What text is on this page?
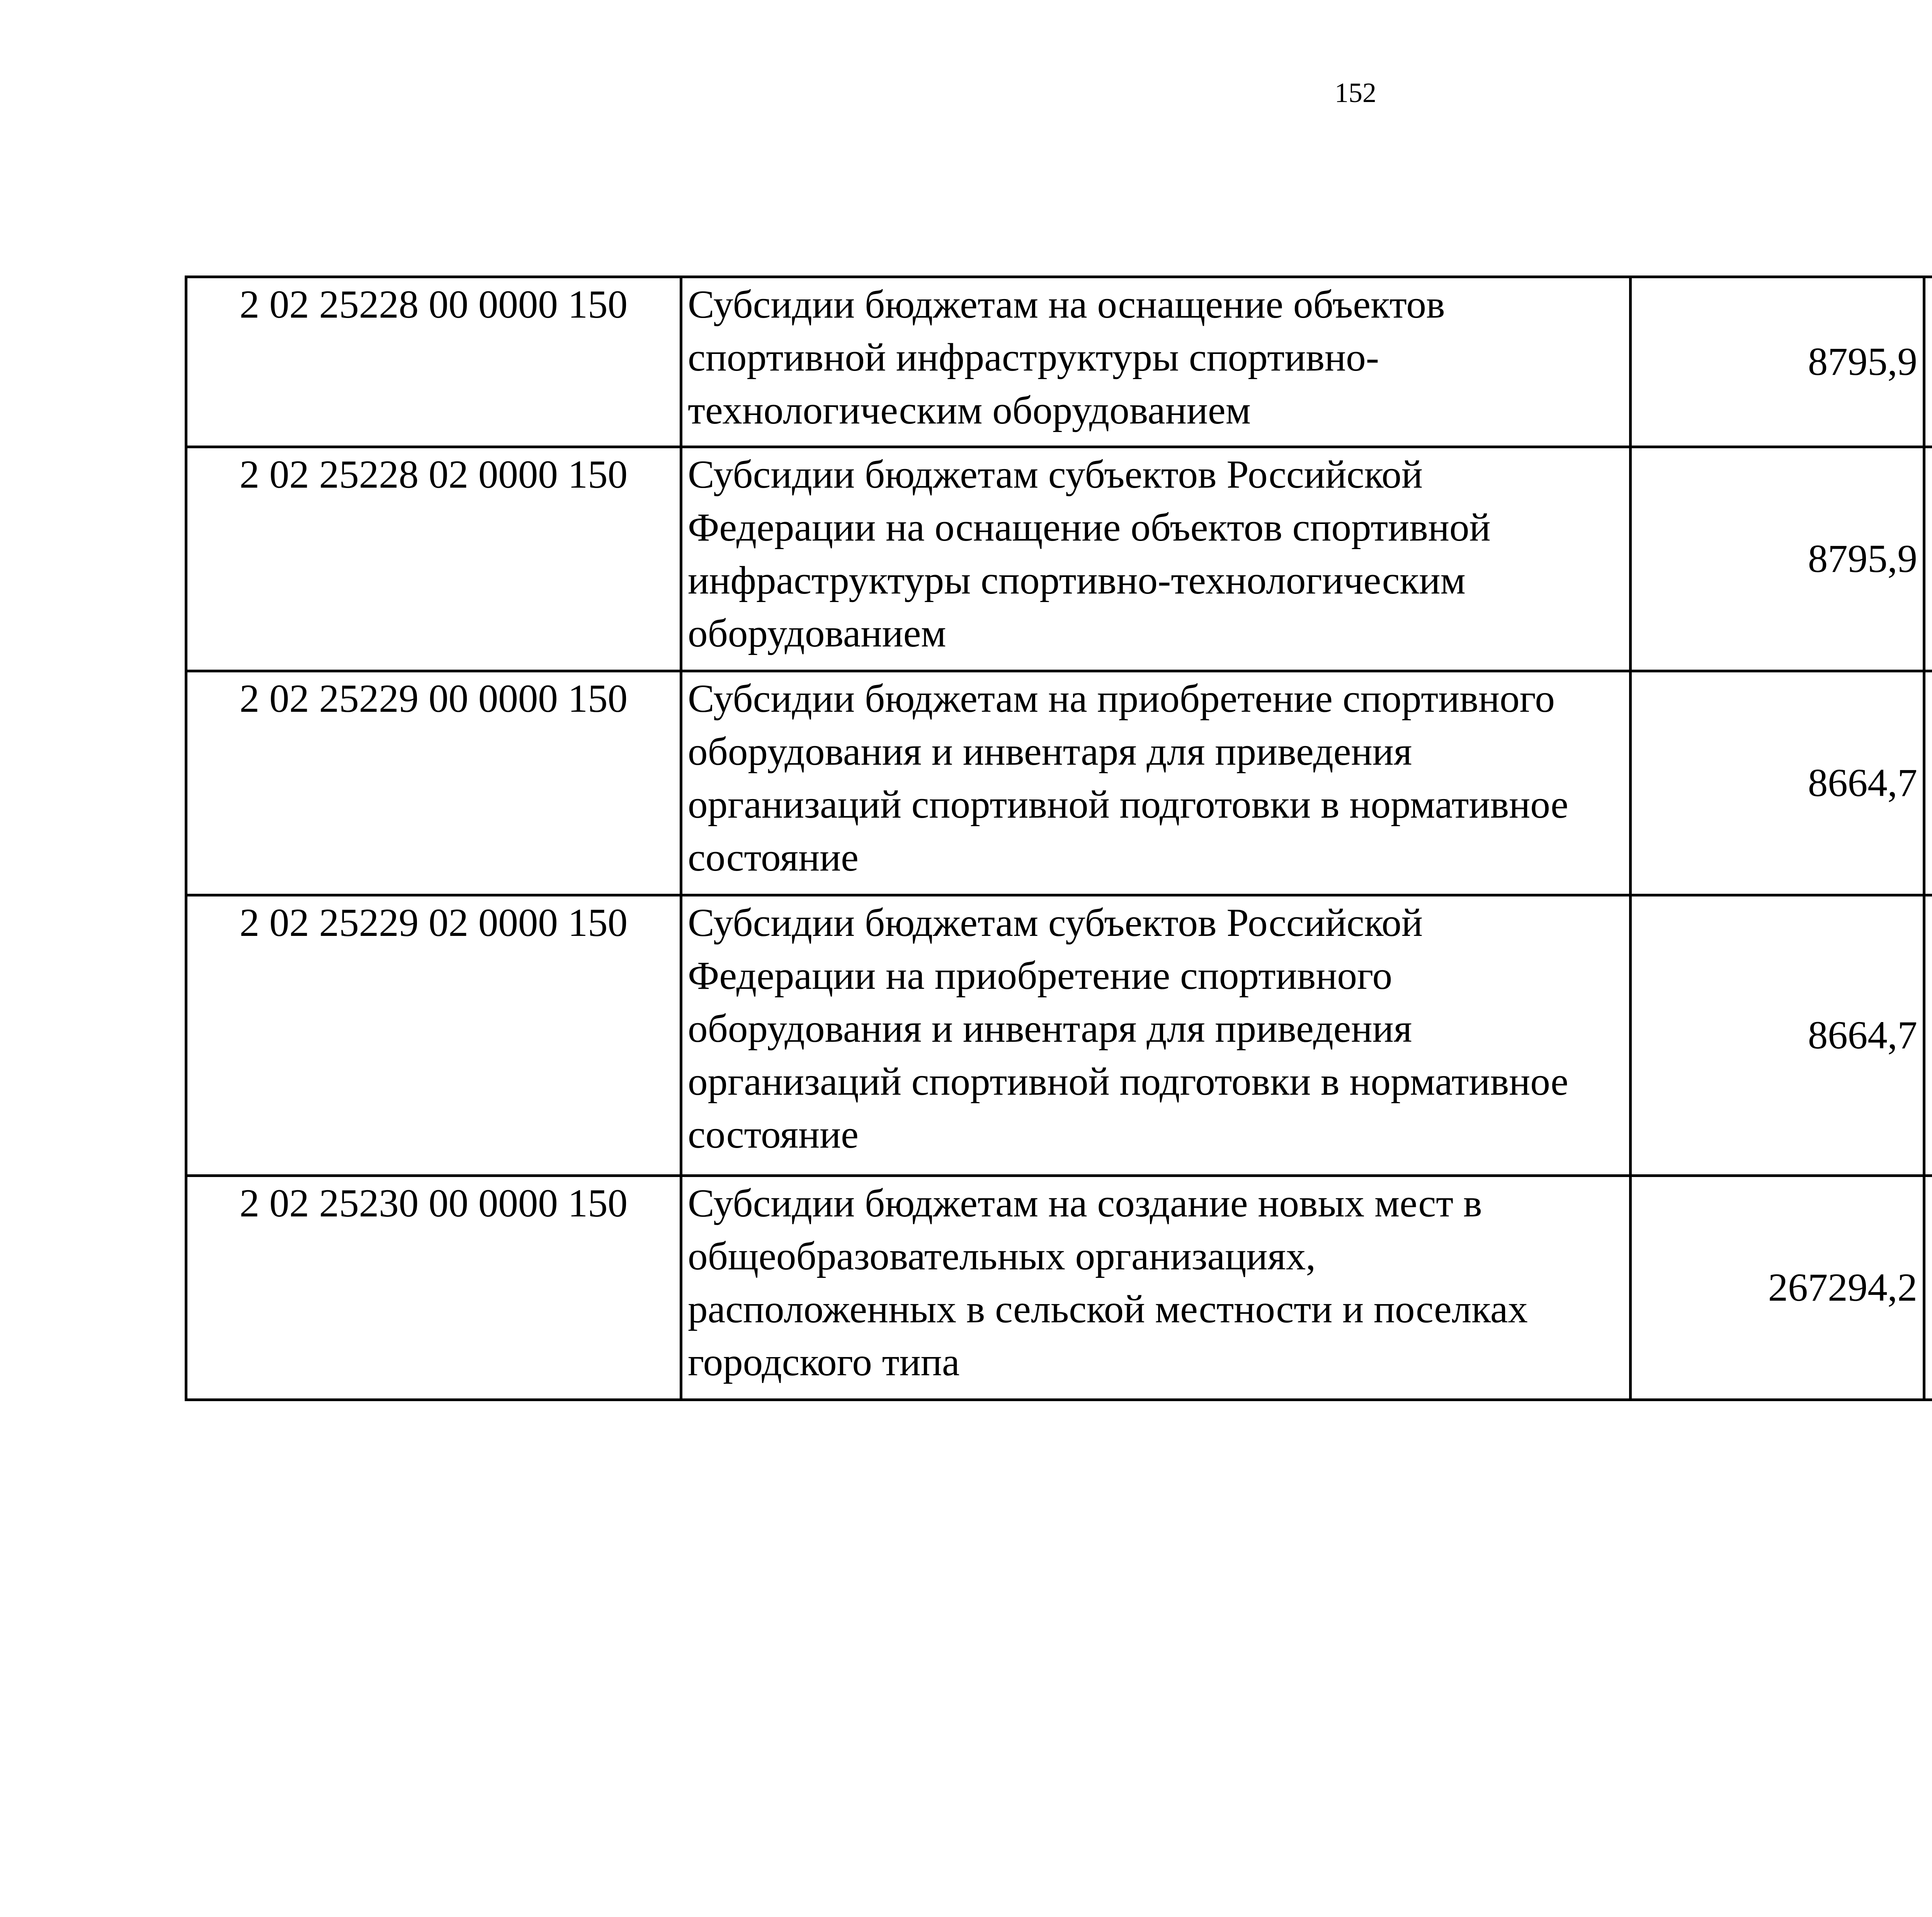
152
2 02 25228 00 0000 150	Субсидии бюджетам на оснащение объектов
спортивной инфраструктуры спортивно-
технологическим оборудованием	8795,9		
2 02 25228 02 0000 150	Субсидии бюджетам субъектов Российской
Федерации на оснащение объектов спортивной
инфраструктуры спортивно-технологическим
оборудованием	8795,9		
2 02 25229 00 0000 150	Субсидии бюджетам на приобретение спортивного
оборудования и инвентаря для приведения
организаций спортивной подготовки в нормативное
состояние	8664,7		
2 02 25229 02 0000 150	Субсидии бюджетам субъектов Российской
Федерации на приобретение спортивного
оборудования и инвентаря для приведения
организаций спортивной подготовки в нормативное
состояние	8664,7		
2 02 25230 00 0000 150	Субсидии бюджетам на создание новых мест в
общеобразовательных организациях,
расположенных в сельской местности и поселках
городского типа	267294,2		
